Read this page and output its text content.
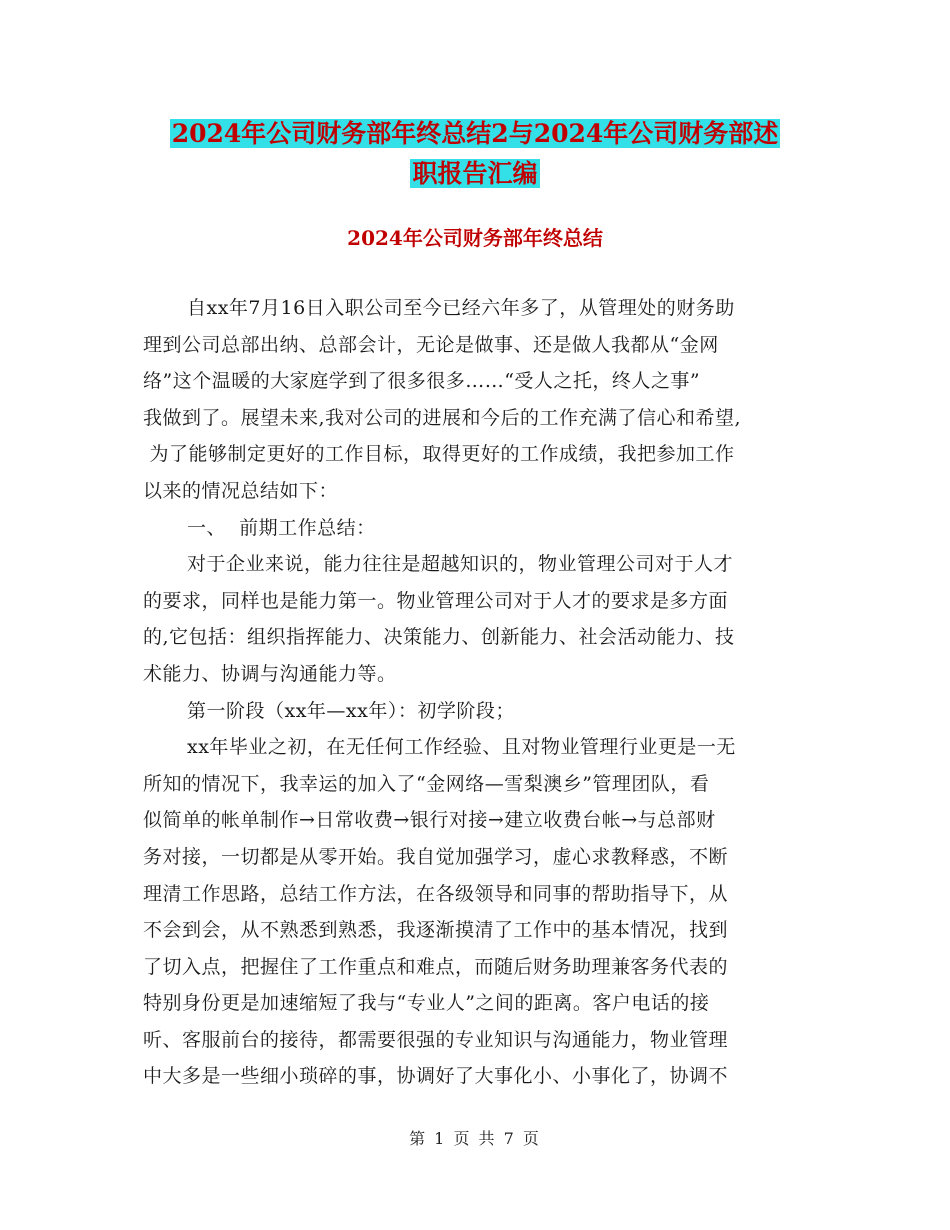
2024年公司财务部年终总结2与2024年公司财务部述
职报告汇编
2024年公司财务部年终总结
自xx年7月16日入职公司至今已经六年多了，从管理处的财务助
理到公司总部出纳、总部会计，无论是做事、还是做人我都从“金网
络”这个温暖的大家庭学到了很多很多……“受人之托，终人之事”
我做到了。展望未来,我对公司的进展和今后的工作充满了信心和希望,
为了能够制定更好的工作目标，取得更好的工作成绩，我把参加工作
以来的情况总结如下：
一、  前期工作总结：
对于企业来说，能力往往是超越知识的，物业管理公司对于人才
的要求，同样也是能力第一。物业管理公司对于人才的要求是多方面
的,它包括：组织指挥能力、决策能力、创新能力、社会活动能力、技
术能力、协调与沟通能力等。
第一阶段（xx年—xx年）：初学阶段；
xx年毕业之初，在无任何工作经验、且对物业管理行业更是一无
所知的情况下，我幸运的加入了“金网络—雪梨澳乡”管理团队，看
似简单的帐单制作→日常收费→银行对接→建立收费台帐→与总部财
务对接，一切都是从零开始。我自觉加强学习，虚心求教释惑，不断
理清工作思路，总结工作方法，在各级领导和同事的帮助指导下，从
不会到会，从不熟悉到熟悉，我逐渐摸清了工作中的基本情况，找到
了切入点，把握住了工作重点和难点，而随后财务助理兼客务代表的
特别身份更是加速缩短了我与“专业人”之间的距离。客户电话的接
听、客服前台的接待，都需要很强的专业知识与沟通能力，物业管理
中大多是一些细小琐碎的事，协调好了大事化小、小事化了，协调不
第 1 页 共 7 页
